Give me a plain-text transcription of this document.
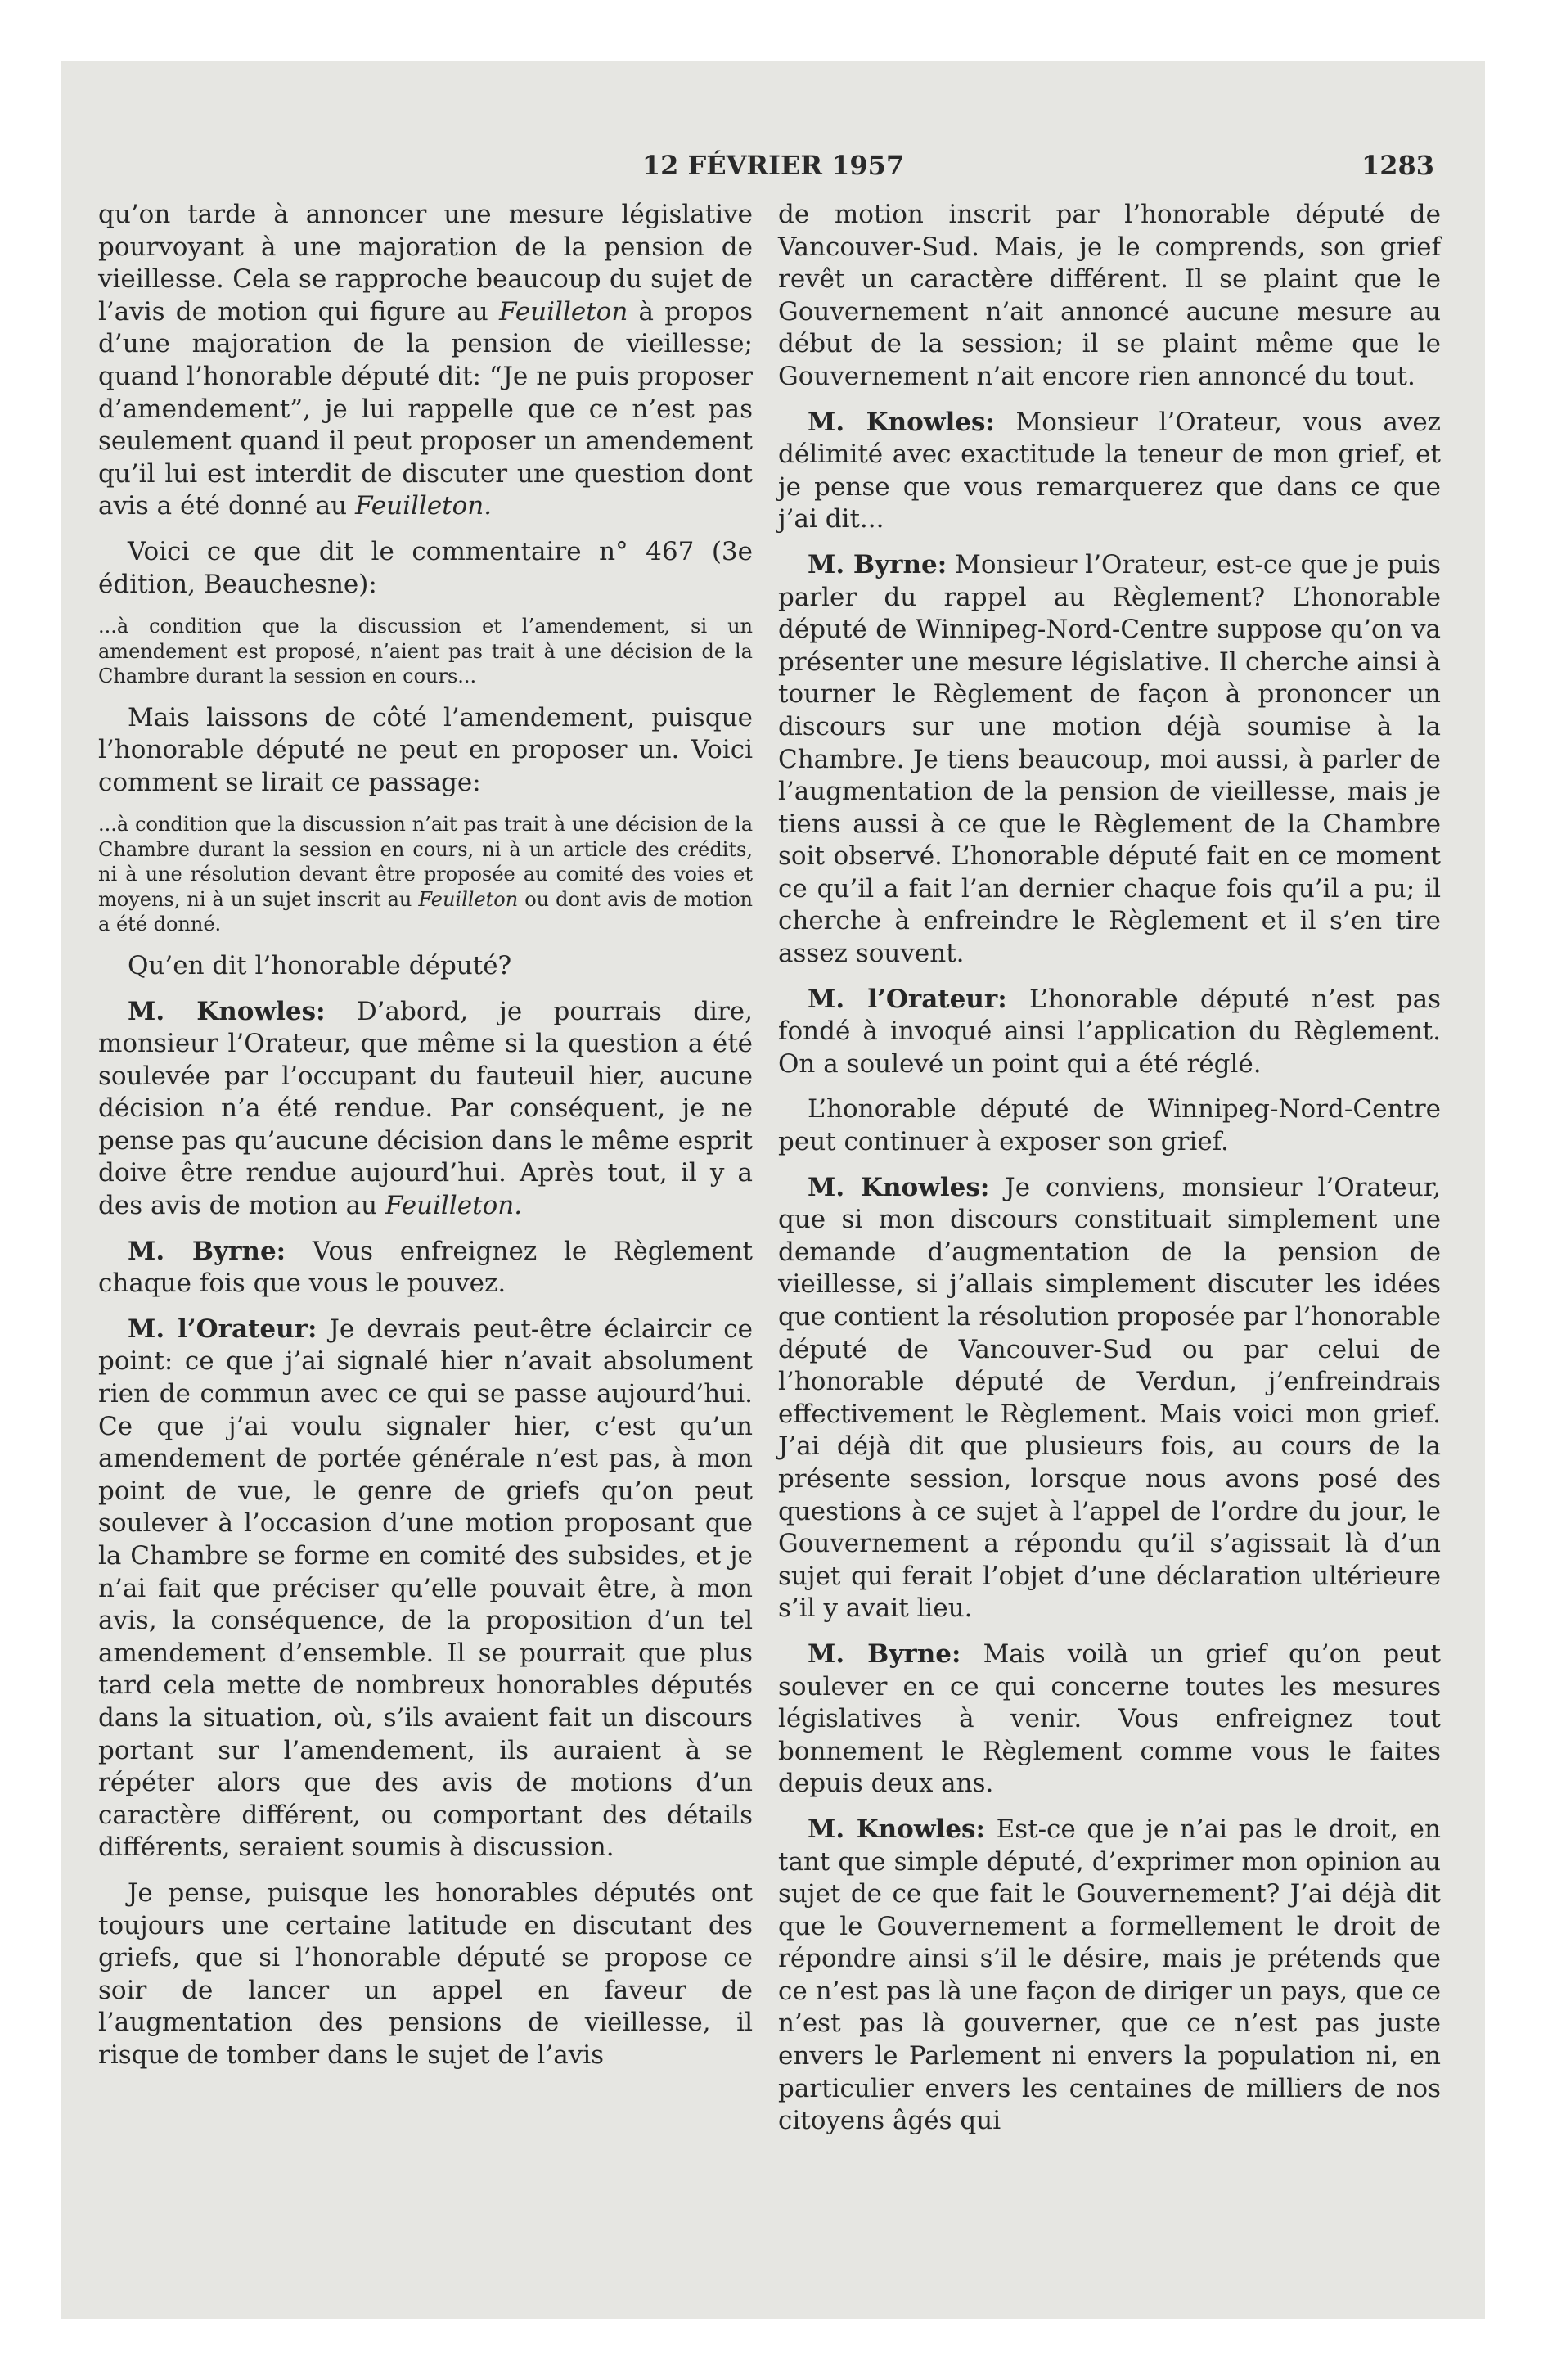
12 FÉVRIER 1957	1283

qu’on tarde à annoncer une mesure législative pourvoyant à une majoration de la pension de vieillesse. Cela se rapproche beaucoup du sujet de l’avis de motion qui figure au Feuilleton à propos d’une majoration de la pension de vieillesse; quand l’honorable député dit: “Je ne puis proposer d’amendement”, je lui rappelle que ce n’est pas seulement quand il peut proposer un amendement qu’il lui est interdit de discuter une question dont avis a été donné au Feuilleton.

Voici ce que dit le commentaire n° 467 (3e édition, Beauchesne):

...à condition que la discussion et l’amendement, si un amendement est proposé, n’aient pas trait à une décision de la Chambre durant la session en cours...

Mais laissons de côté l’amendement, puisque l’honorable député ne peut en proposer un. Voici comment se lirait ce passage:

...à condition que la discussion n’ait pas trait à une décision de la Chambre durant la session en cours, ni à un article des crédits, ni à une résolution devant être proposée au comité des voies et moyens, ni à un sujet inscrit au Feuilleton ou dont avis de motion a été donné.

Qu’en dit l’honorable député?

M. Knowles: D’abord, je pourrais dire, monsieur l’Orateur, que même si la question a été soulevée par l’occupant du fauteuil hier, aucune décision n’a été rendue. Par conséquent, je ne pense pas qu’aucune décision dans le même esprit doive être rendue aujourd’hui. Après tout, il y a des avis de motion au Feuilleton.

M. Byrne: Vous enfreignez le Règlement chaque fois que vous le pouvez.

M. l’Orateur: Je devrais peut-être éclaircir ce point: ce que j’ai signalé hier n’avait absolument rien de commun avec ce qui se passe aujourd’hui. Ce que j’ai voulu signaler hier, c’est qu’un amendement de portée générale n’est pas, à mon point de vue, le genre de griefs qu’on peut soulever à l’occasion d’une motion proposant que la Chambre se forme en comité des subsides, et je n’ai fait que préciser qu’elle pouvait être, à mon avis, la conséquence, de la proposition d’un tel amendement d’ensemble. Il se pourrait que plus tard cela mette de nombreux honorables députés dans la situation, où, s’ils avaient fait un discours portant sur l’amendement, ils auraient à se répéter alors que des avis de motions d’un caractère différent, ou comportant des détails différents, seraient soumis à discussion.

Je pense, puisque les honorables députés ont toujours une certaine latitude en discutant des griefs, que si l’honorable député se propose ce soir de lancer un appel en faveur de l’augmentation des pensions de vieillesse, il risque de tomber dans le sujet de l’avis

de motion inscrit par l’honorable député de Vancouver-Sud. Mais, je le comprends, son grief revêt un caractère différent. Il se plaint que le Gouvernement n’ait annoncé aucune mesure au début de la session; il se plaint même que le Gouvernement n’ait encore rien annoncé du tout.

M. Knowles: Monsieur l’Orateur, vous avez délimité avec exactitude la teneur de mon grief, et je pense que vous remarquerez que dans ce que j’ai dit...

M. Byrne: Monsieur l’Orateur, est-ce que je puis parler du rappel au Règlement? L’honorable député de Winnipeg-Nord-Centre suppose qu’on va présenter une mesure législative. Il cherche ainsi à tourner le Règlement de façon à prononcer un discours sur une motion déjà soumise à la Chambre. Je tiens beaucoup, moi aussi, à parler de l’augmentation de la pension de vieillesse, mais je tiens aussi à ce que le Règlement de la Chambre soit observé. L’honorable député fait en ce moment ce qu’il a fait l’an dernier chaque fois qu’il a pu; il cherche à enfreindre le Règlement et il s’en tire assez souvent.

M. l’Orateur: L’honorable député n’est pas fondé à invoqué ainsi l’application du Règlement. On a soulevé un point qui a été réglé.

L’honorable député de Winnipeg-Nord-Centre peut continuer à exposer son grief.

M. Knowles: Je conviens, monsieur l’Orateur, que si mon discours constituait simplement une demande d’augmentation de la pension de vieillesse, si j’allais simplement discuter les idées que contient la résolution proposée par l’honorable député de Vancouver-Sud ou par celui de l’honorable député de Verdun, j’enfreindrais effectivement le Règlement. Mais voici mon grief. J’ai déjà dit que plusieurs fois, au cours de la présente session, lorsque nous avons posé des questions à ce sujet à l’appel de l’ordre du jour, le Gouvernement a répondu qu’il s’agissait là d’un sujet qui ferait l’objet d’une déclaration ultérieure s’il y avait lieu.

M. Byrne: Mais voilà un grief qu’on peut soulever en ce qui concerne toutes les mesures législatives à venir. Vous enfreignez tout bonnement le Règlement comme vous le faites depuis deux ans.

M. Knowles: Est-ce que je n’ai pas le droit, en tant que simple député, d’exprimer mon opinion au sujet de ce que fait le Gouvernement? J’ai déjà dit que le Gouvernement a formellement le droit de répondre ainsi s’il le désire, mais je prétends que ce n’est pas là une façon de diriger un pays, que ce n’est pas là gouverner, que ce n’est pas juste envers le Parlement ni envers la population ni, en particulier envers les centaines de milliers de nos citoyens âgés qui
